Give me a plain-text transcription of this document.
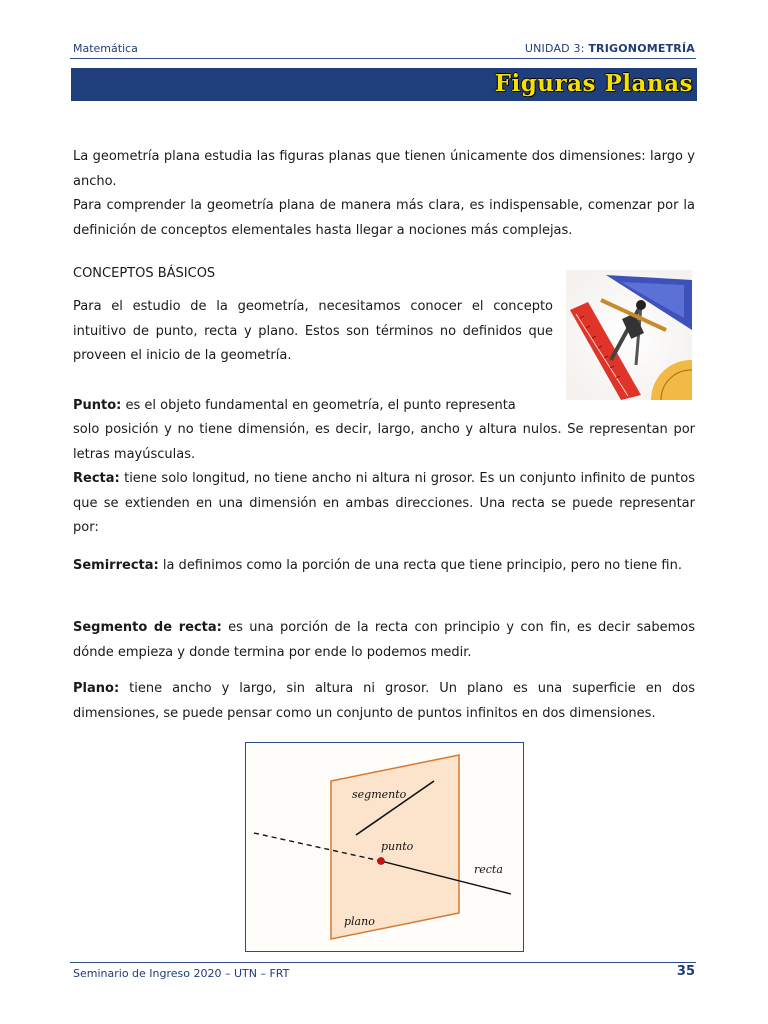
Matemática	UNIDAD 3: TRIGONOMETRÍA
Figuras Planas
La geometría plana estudia las figuras planas que tienen únicamente dos dimensiones: largo y ancho.
Para comprender la geometría plana de manera más clara, es indispensable, comenzar por la definición de conceptos elementales hasta llegar a nociones más complejas.
CONCEPTOS BÁSICOS
Para el estudio de la geometría, necesitamos conocer el concepto intuitivo de punto, recta y plano. Estos son términos no definidos que proveen el inicio de la geometría.
Punto: es el objeto fundamental en geometría, el punto representa
solo posición y no tiene dimensión, es decir, largo, ancho y altura nulos. Se representan por letras mayúsculas.
Recta: tiene solo longitud, no tiene ancho ni altura ni grosor. Es un conjunto infinito de puntos que se extienden en una dimensión en ambas direcciones. Una recta se puede representar por:
Semirrecta: la definimos como la porción de una recta que tiene principio, pero no tiene fin.
Segmento de recta: es una porción de la recta con principio y con fin, es decir sabemos dónde empieza y donde termina por ende lo podemos medir.
Plano: tiene ancho y largo, sin altura ni grosor. Un plano es una superficie en dos dimensiones, se puede pensar como un conjunto de puntos infinitos en dos dimensiones.
segmento
punto
recta
plano
Seminario de Ingreso 2020 – UTN – FRT	35
